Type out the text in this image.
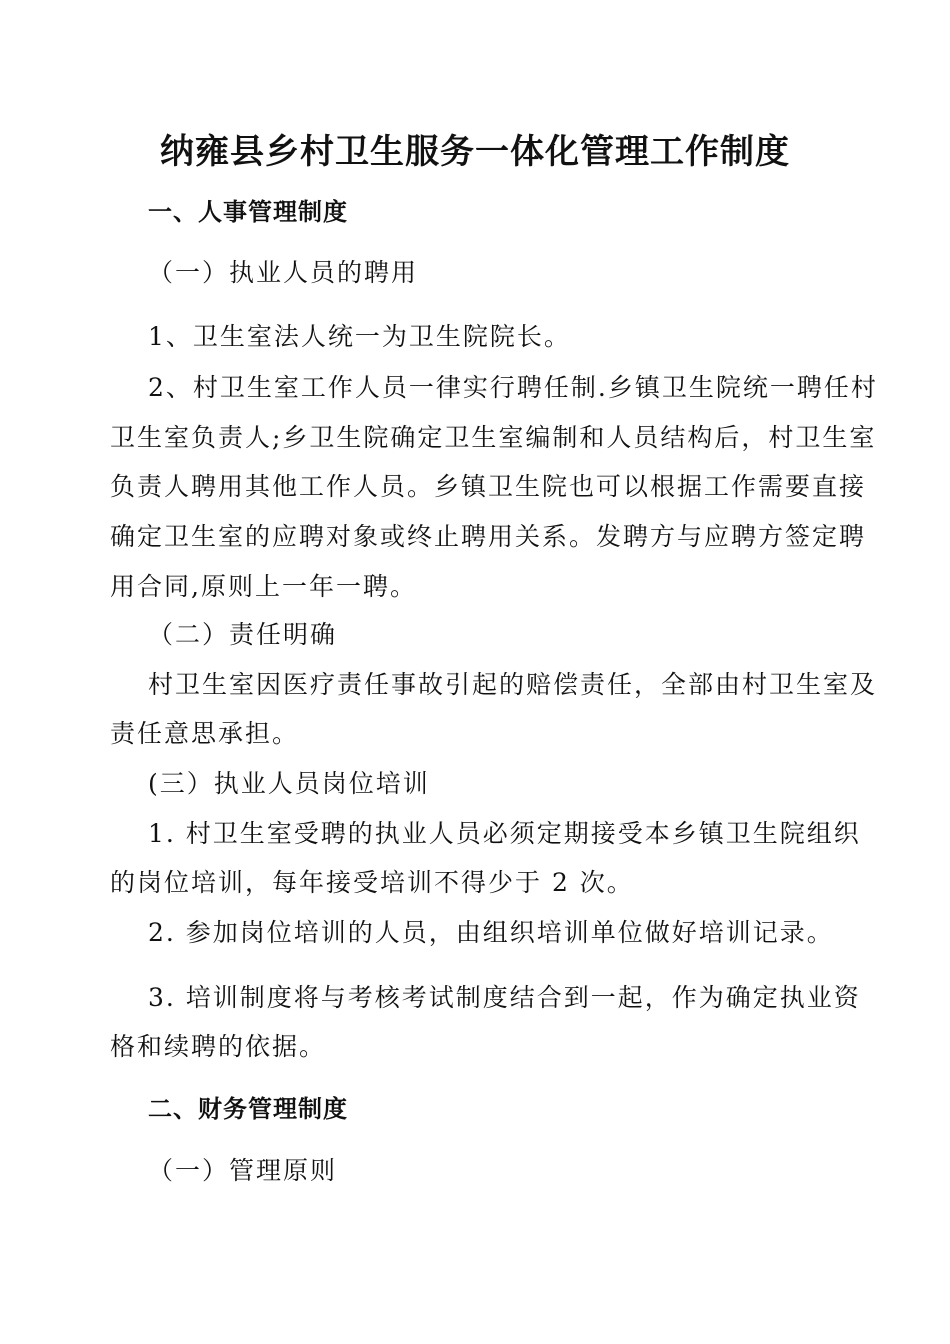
纳雍县乡村卫生服务一体化管理工作制度
一、人事管理制度
（一）执业人员的聘用
1、卫生室法人统一为卫生院院长。
2、村卫生室工作人员一律实行聘任制.乡镇卫生院统一聘任村
卫生室负责人;乡卫生院确定卫生室编制和人员结构后，村卫生室
负责人聘用其他工作人员。乡镇卫生院也可以根据工作需要直接
确定卫生室的应聘对象或终止聘用关系。发聘方与应聘方签定聘
用合同,原则上一年一聘。
（二）责任明确
村卫生室因医疗责任事故引起的赔偿责任，全部由村卫生室及
责任意思承担。
(三）执业人员岗位培训
1. 村卫生室受聘的执业人员必须定期接受本乡镇卫生院组织
的岗位培训，每年接受培训不得少于 2 次。
2. 参加岗位培训的人员，由组织培训单位做好培训记录。
3. 培训制度将与考核考试制度结合到一起，作为确定执业资
格和续聘的依据。
二、财务管理制度
（一）管理原则
